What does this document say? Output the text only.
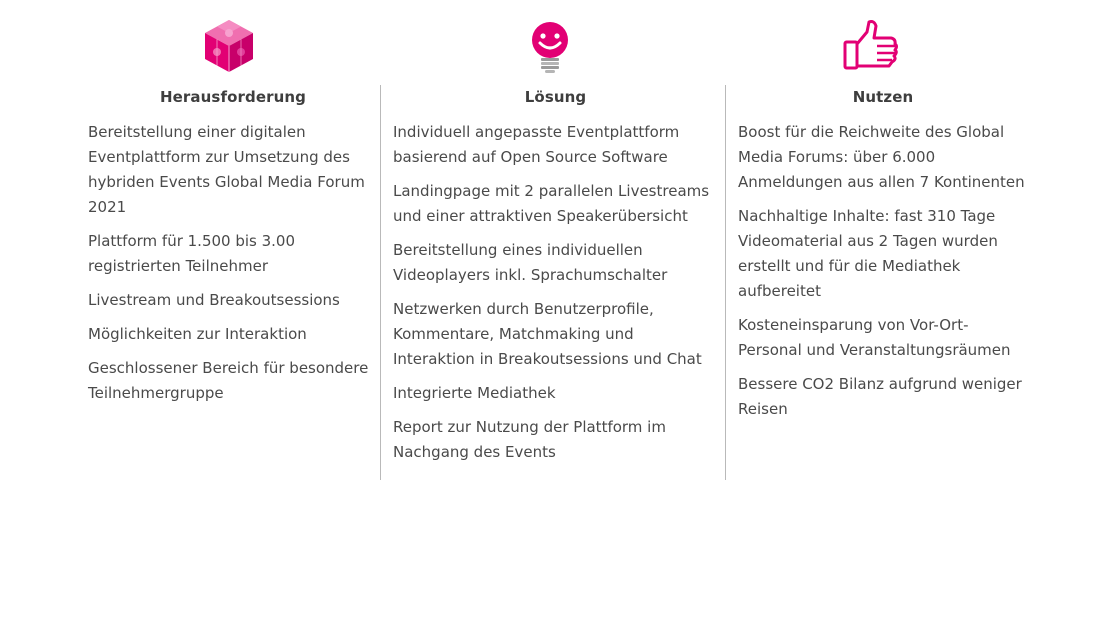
Herausforderung
Bereitstellung einer digitalen Eventplattform zur Umsetzung des hybriden Events Global Media Forum 2021
Plattform für 1.500 bis 3.00 registrierten Teilnehmer
Livestream und Breakoutsessions
Möglichkeiten zur Interaktion
Geschlossener Bereich für besondere Teilnehmergruppe
Lösung
Individuell angepasste Eventplattform basierend auf Open Source Software
Landingpage mit 2 parallelen Livestreams und einer attraktiven Speakerübersicht
Bereitstellung eines individuellen Videoplayers inkl. Sprachumschalter
Netzwerken durch Benutzerprofile, Kommentare, Matchmaking und Interaktion in Breakoutsessions und Chat
Integrierte Mediathek
Report zur Nutzung der Plattform im Nachgang des Events
Nutzen
Boost für die Reichweite des Global Media Forums: über 6.000 Anmeldungen aus allen 7 Kontinenten
Nachhaltige Inhalte: fast 310 Tage Videomaterial aus 2 Tagen wurden erstellt und für die Mediathek aufbereitet
Kosteneinsparung von Vor-Ort-Personal und Veranstaltungsräumen
Bessere CO2 Bilanz aufgrund weniger Reisen
